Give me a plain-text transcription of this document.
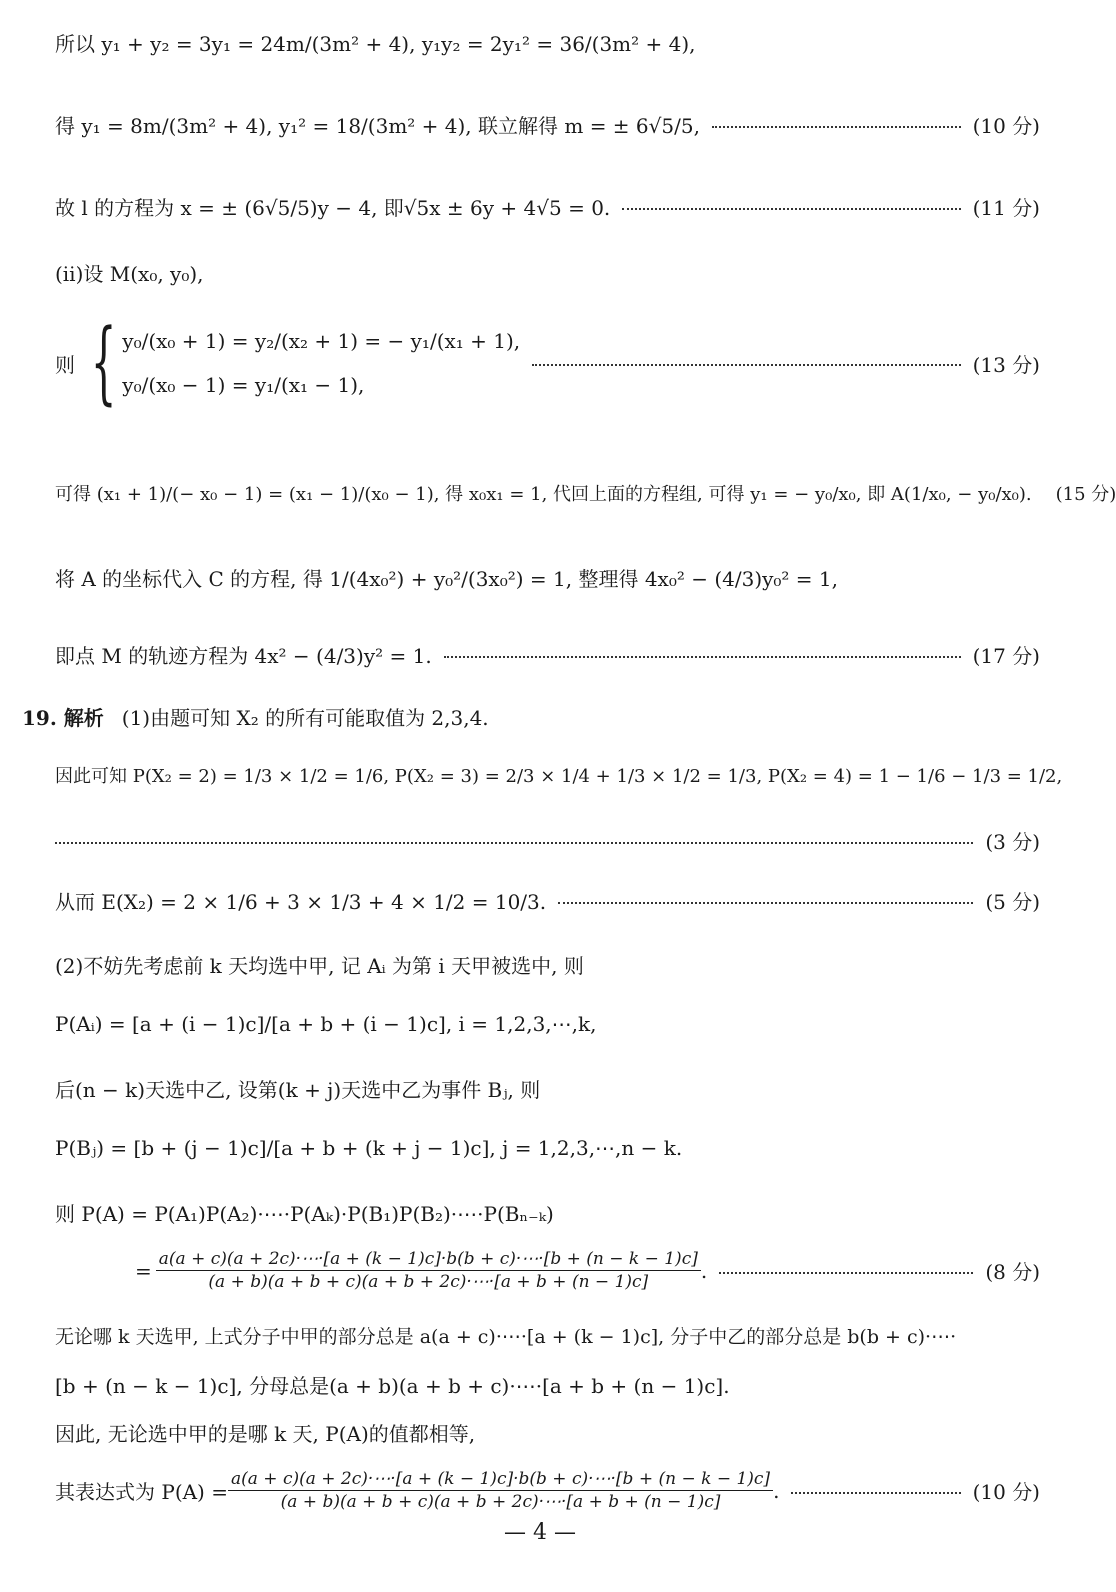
所以 y₁ + y₂ = 3y₁ = 24m/(3m² + 4), y₁y₂ = 2y₁² = 36/(3m² + 4),
得 y₁ = 8m/(3m² + 4), y₁² = 18/(3m² + 4), 联立解得 m = ± 6√5/5,	(10 分)
故 l 的方程为 x = ± (6√5/5)y − 4, 即√5x ± 6y + 4√5 = 0.	(11 分)
(ⅱ)设 M(x₀, y₀),
则 { y₀/(x₀ + 1) = y₂/(x₂ + 1) = − y₁/(x₁ + 1),
y₀/(x₀ − 1) = y₁/(x₁ − 1),
(13 分)
可得 (x₁ + 1)/(− x₀ − 1) = (x₁ − 1)/(x₀ − 1), 得 x₀x₁ = 1, 代回上面的方程组, 可得 y₁ = − y₀/x₀, 即 A(1/x₀, − y₀/x₀). (15 分)
将 A 的坐标代入 C 的方程, 得 1/(4x₀²) + y₀²/(3x₀²) = 1, 整理得 4x₀² − (4/3)y₀² = 1,
即点 M 的轨迹方程为 4x² − (4/3)y² = 1.	(17 分)
19. 解析 (1)由题可知 X₂ 的所有可能取值为 2,3,4.
因此可知 P(X₂ = 2) = 1/3 × 1/2 = 1/6, P(X₂ = 3) = 2/3 × 1/4 + 1/3 × 1/2 = 1/3, P(X₂ = 4) = 1 − 1/6 − 1/3 = 1/2,
(3 分)
从而 E(X₂) = 2 × 1/6 + 3 × 1/3 + 4 × 1/2 = 10/3.	(5 分)
(2)不妨先考虑前 k 天均选中甲, 记 Aᵢ 为第 i 天甲被选中, 则
P(Aᵢ) = [a + (i − 1)c]/[a + b + (i − 1)c], i = 1,2,3,⋯,k,
后(n − k)天选中乙, 设第(k + j)天选中乙为事件 Bⱼ, 则
P(Bⱼ) = [b + (j − 1)c]/[a + b + (k + j − 1)c], j = 1,2,3,⋯,n − k.
则 P(A) = P(A₁)P(A₂)·⋯·P(Aₖ)·P(B₁)P(B₂)·⋯·P(Bₙ₋ₖ)
= a(a + c)(a + 2c)·⋯·[a + (k − 1)c]·b(b + c)·⋯·[b + (n − k − 1)c]
(a + b)(a + b + c)(a + b + 2c)·⋯·[a + b + (n − 1)c]	.	(8 分)
无论哪 k 天选甲, 上式分子中甲的部分总是 a(a + c)·⋯·[a + (k − 1)c], 分子中乙的部分总是 b(b + c)·⋯·
[b + (n − k − 1)c], 分母总是(a + b)(a + b + c)·⋯·[a + b + (n − 1)c].
因此, 无论选中甲的是哪 k 天, P(A)的值都相等,
其表达式为 P(A) =
a(a + c)(a + 2c)·⋯·[a + (k − 1)c]·b(b + c)·⋯·[b + (n − k − 1)c]
(a + b)(a + b + c)(a + b + 2c)·⋯·[a + b + (n − 1)c]	.	(10 分)
— 4 —
